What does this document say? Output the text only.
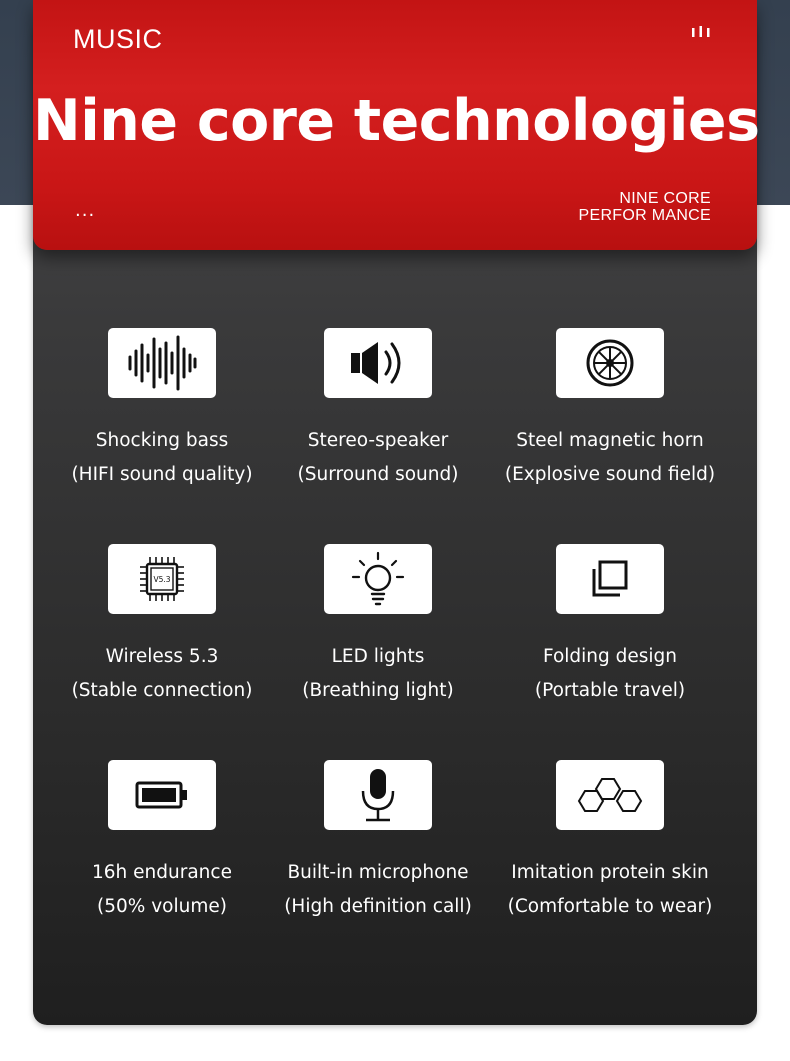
MUSIC
Nine core technologies
...
NINE CORE
PERFOR MANCE
Shocking bass
(HIFI sound quality)
Stereo-speaker
(Surround sound)
Steel magnetic horn
(Explosive sound field)
V5.3
Wireless 5.3
(Stable connection)
LED lights
(Breathing light)
Folding design
(Portable travel)
16h endurance
(50% volume)
Built-in microphone
(High definition call)
Imitation protein skin
(Comfortable to wear)
